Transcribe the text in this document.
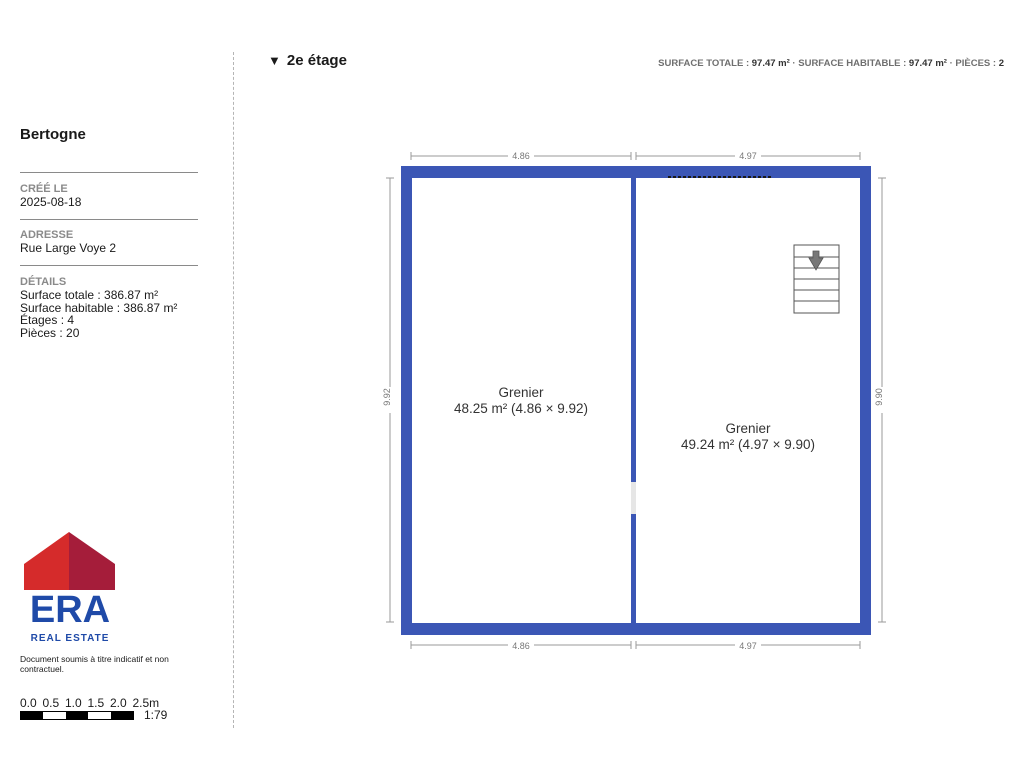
Bertogne
CRÉÉ LE
2025-08-18
ADRESSE
Rue Large Voye 2
DÉTAILS
Surface totale : 386.87 m²
Surface habitable : 386.87 m²
Étages : 4
Pièces : 20
ERA
REAL ESTATE
Document soumis à titre indicatif et non contractuel.
0.0 0.5 1.0 1.5 2.0 2.5m
1:79
▼ 2e étage	SURFACE TOTALE : 97.47 m² · SURFACE HABITABLE : 97.47 m² · PIÈCES : 2
4.86	4.97
4.86	4.97
9.92	9.90
Grenier
48.25 m² (4.86 × 9.92)
Grenier
49.24 m² (4.97 × 9.90)
